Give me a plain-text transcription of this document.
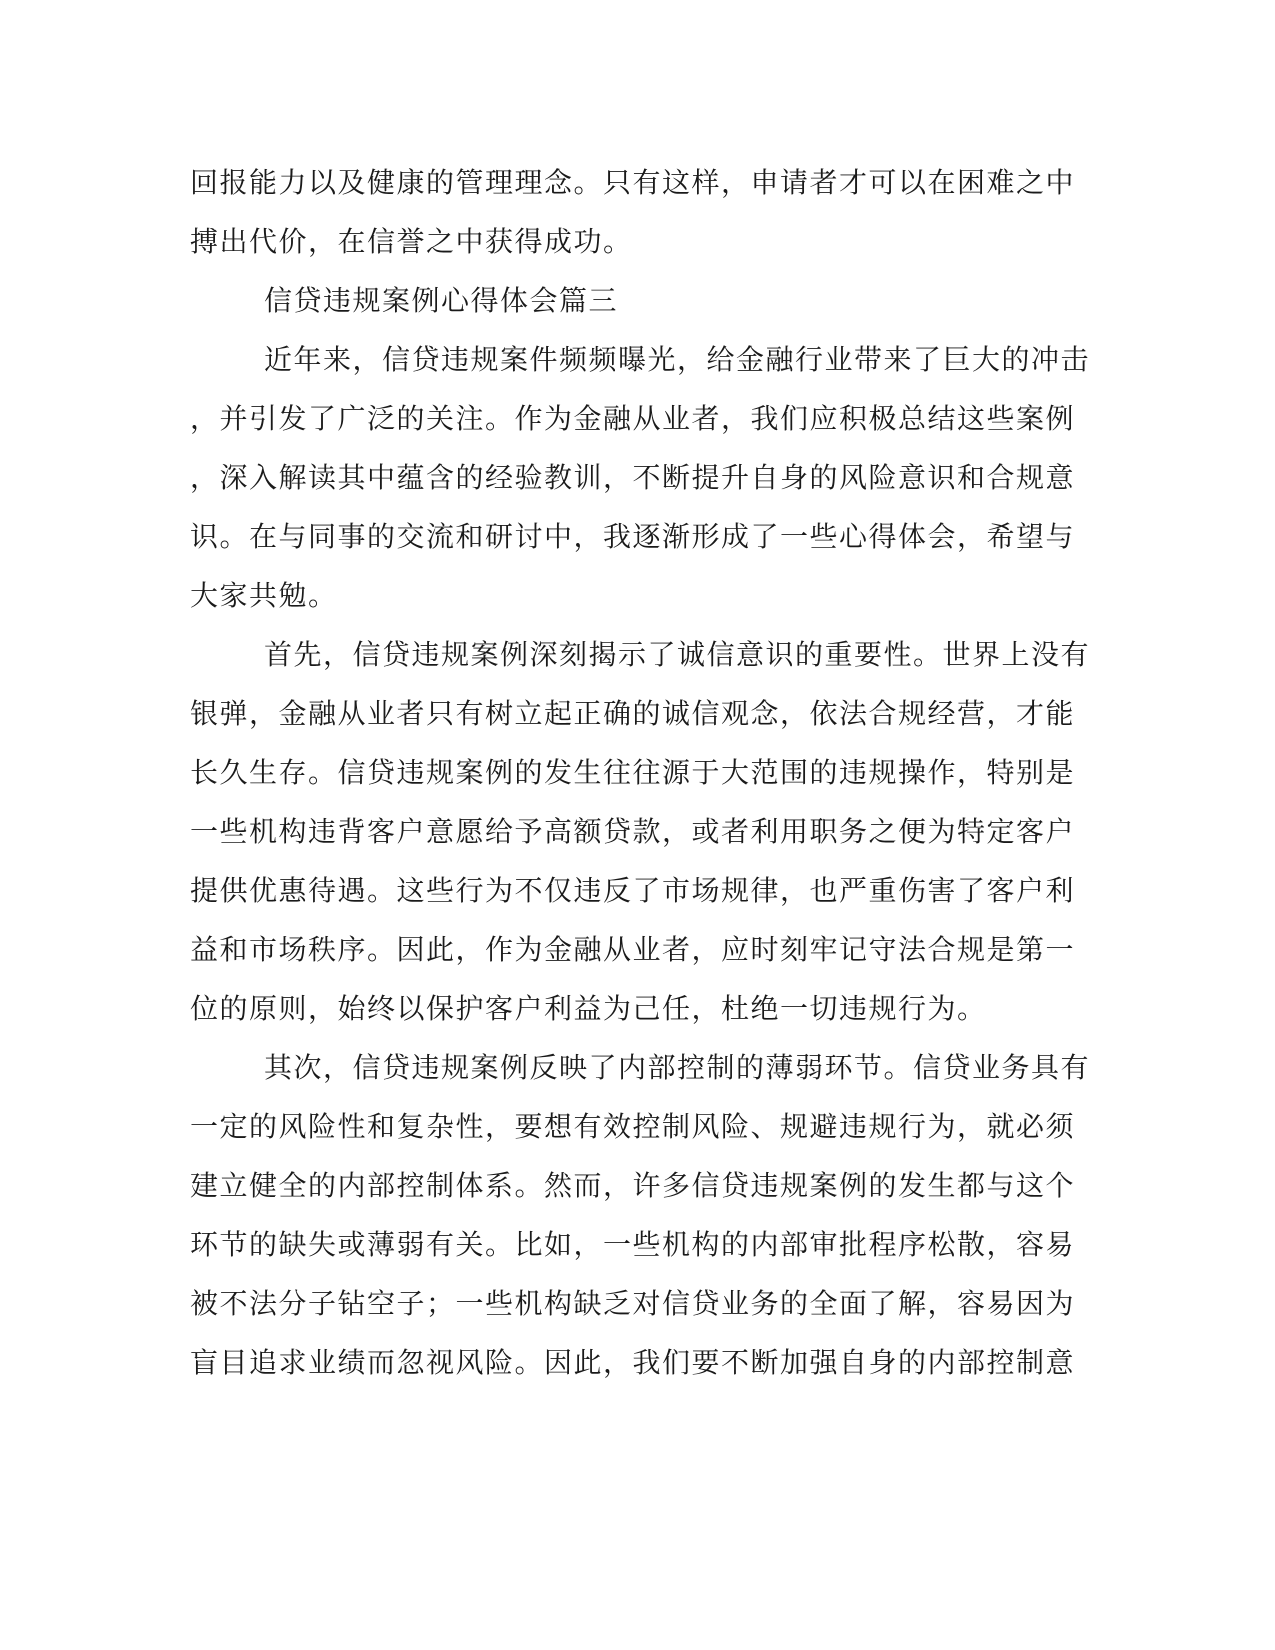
回报能力以及健康的管理理念。只有这样，申请者才可以在困难之中
搏出代价，在信誉之中获得成功。
信贷违规案例心得体会篇三
近年来，信贷违规案件频频曝光，给金融行业带来了巨大的冲击
，并引发了广泛的关注。作为金融从业者，我们应积极总结这些案例
，深入解读其中蕴含的经验教训，不断提升自身的风险意识和合规意
识。在与同事的交流和研讨中，我逐渐形成了一些心得体会，希望与
大家共勉。
首先，信贷违规案例深刻揭示了诚信意识的重要性。世界上没有
银弹，金融从业者只有树立起正确的诚信观念，依法合规经营，才能
长久生存。信贷违规案例的发生往往源于大范围的违规操作，特别是
一些机构违背客户意愿给予高额贷款，或者利用职务之便为特定客户
提供优惠待遇。这些行为不仅违反了市场规律，也严重伤害了客户利
益和市场秩序。因此，作为金融从业者，应时刻牢记守法合规是第一
位的原则，始终以保护客户利益为己任，杜绝一切违规行为。
其次，信贷违规案例反映了内部控制的薄弱环节。信贷业务具有
一定的风险性和复杂性，要想有效控制风险、规避违规行为，就必须
建立健全的内部控制体系。然而，许多信贷违规案例的发生都与这个
环节的缺失或薄弱有关。比如，一些机构的内部审批程序松散，容易
被不法分子钻空子；一些机构缺乏对信贷业务的全面了解，容易因为
盲目追求业绩而忽视风险。因此，我们要不断加强自身的内部控制意
